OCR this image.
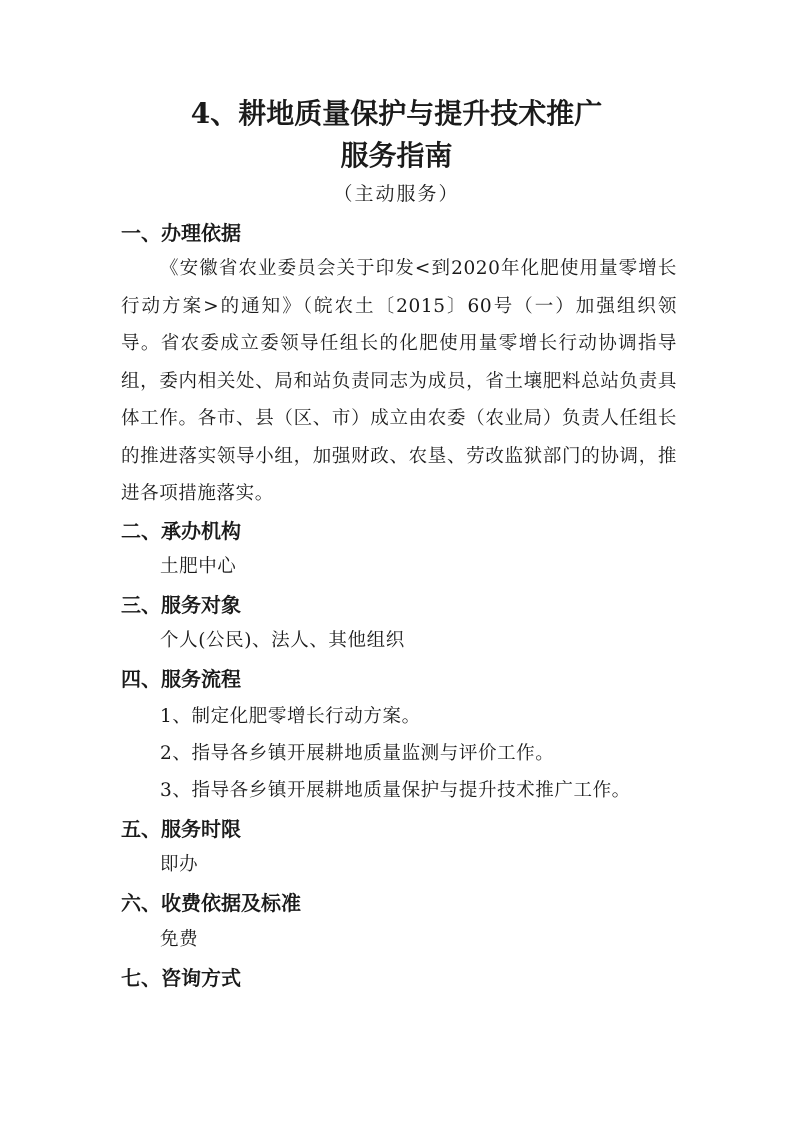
4、耕地质量保护与提升技术推广
服务指南

（主动服务）

一、办理依据

《安徽省农业委员会关于印发<到2020年化肥使用量零增长行动方案>的通知》（皖农土〔2015〕60号（一）加强组织领导。省农委成立委领导任组长的化肥使用量零增长行动协调指导组，委内相关处、局和站负责同志为成员，省土壤肥料总站负责具体工作。各市、县（区、市）成立由农委（农业局）负责人任组长的推进落实领导小组，加强财政、农垦、劳改监狱部门的协调，推进各项措施落实。

二、承办机构

土肥中心

三、服务对象

个人(公民)、法人、其他组织

四、服务流程

1、制定化肥零增长行动方案。

2、指导各乡镇开展耕地质量监测与评价工作。

3、指导各乡镇开展耕地质量保护与提升技术推广工作。

五、服务时限

即办

六、收费依据及标准

免费

七、咨询方式
